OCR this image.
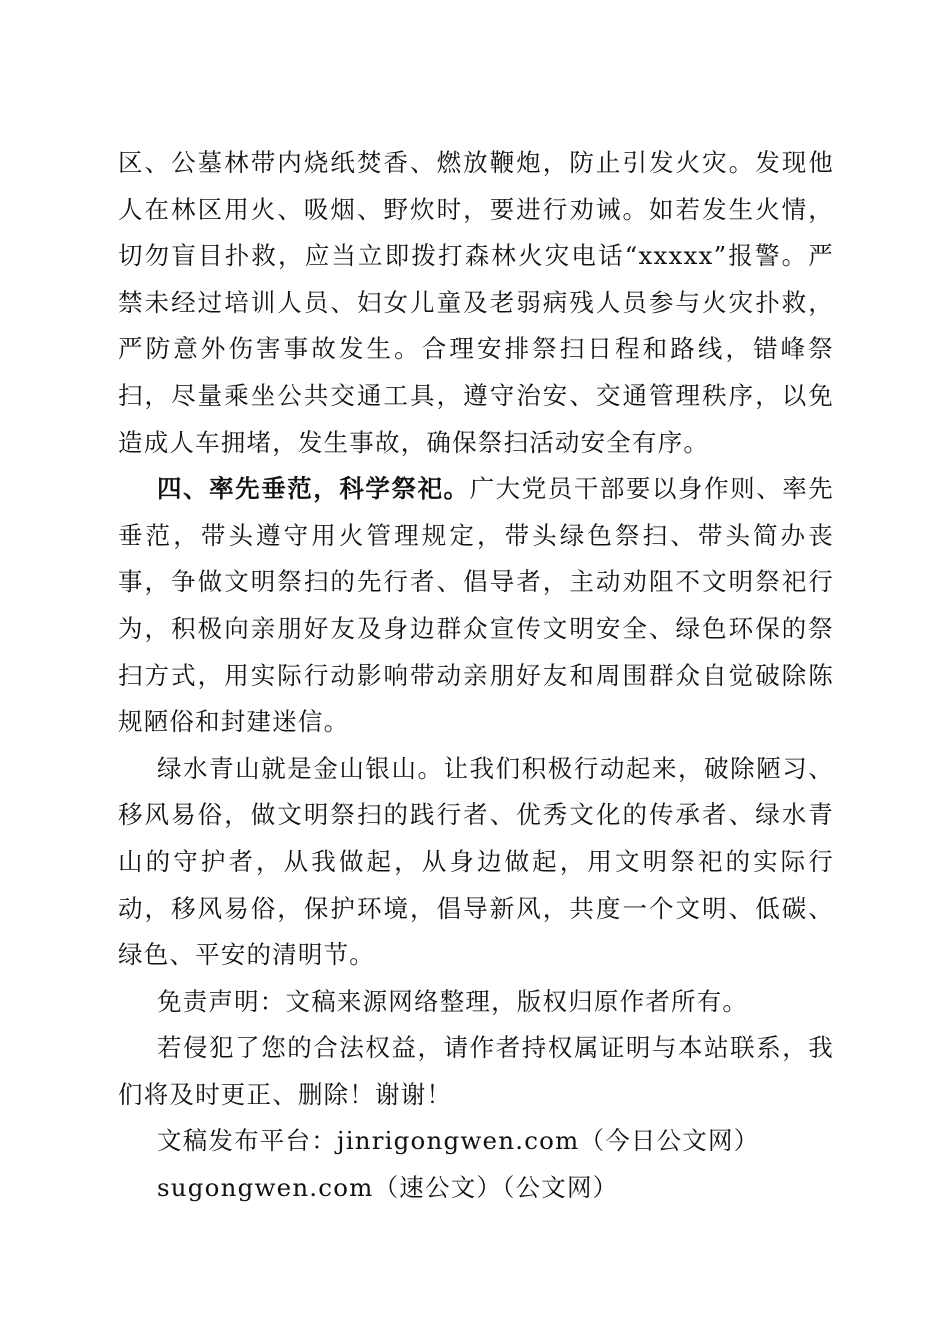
区、公墓林带内烧纸焚香、燃放鞭炮，防止引发火灾。发现他人在林区用火、吸烟、野炊时，要进行劝诫。如若发生火情，切勿盲目扑救，应当立即拨打森林火灾电话“xxxxx”报警。严禁未经过培训人员、妇女儿童及老弱病残人员参与火灾扑救，严防意外伤害事故发生。合理安排祭扫日程和路线，错峰祭扫，尽量乘坐公共交通工具，遵守治安、交通管理秩序，以免造成人车拥堵，发生事故，确保祭扫活动安全有序。

四、率先垂范，科学祭祀。广大党员干部要以身作则、率先垂范，带头遵守用火管理规定，带头绿色祭扫、带头简办丧事，争做文明祭扫的先行者、倡导者，主动劝阻不文明祭祀行为，积极向亲朋好友及身边群众宣传文明安全、绿色环保的祭扫方式，用实际行动影响带动亲朋好友和周围群众自觉破除陈规陋俗和封建迷信。

绿水青山就是金山银山。让我们积极行动起来，破除陋习、移风易俗，做文明祭扫的践行者、优秀文化的传承者、绿水青山的守护者，从我做起，从身边做起，用文明祭祀的实际行动，移风易俗，保护环境，倡导新风，共度一个文明、低碳、绿色、平安的清明节。

免责声明：文稿来源网络整理，版权归原作者所有。

若侵犯了您的合法权益，请作者持权属证明与本站联系，我们将及时更正、删除！谢谢！

文稿发布平台：jinrigongwen.com（今日公文网）

sugongwen.com（速公文）（公文网）
